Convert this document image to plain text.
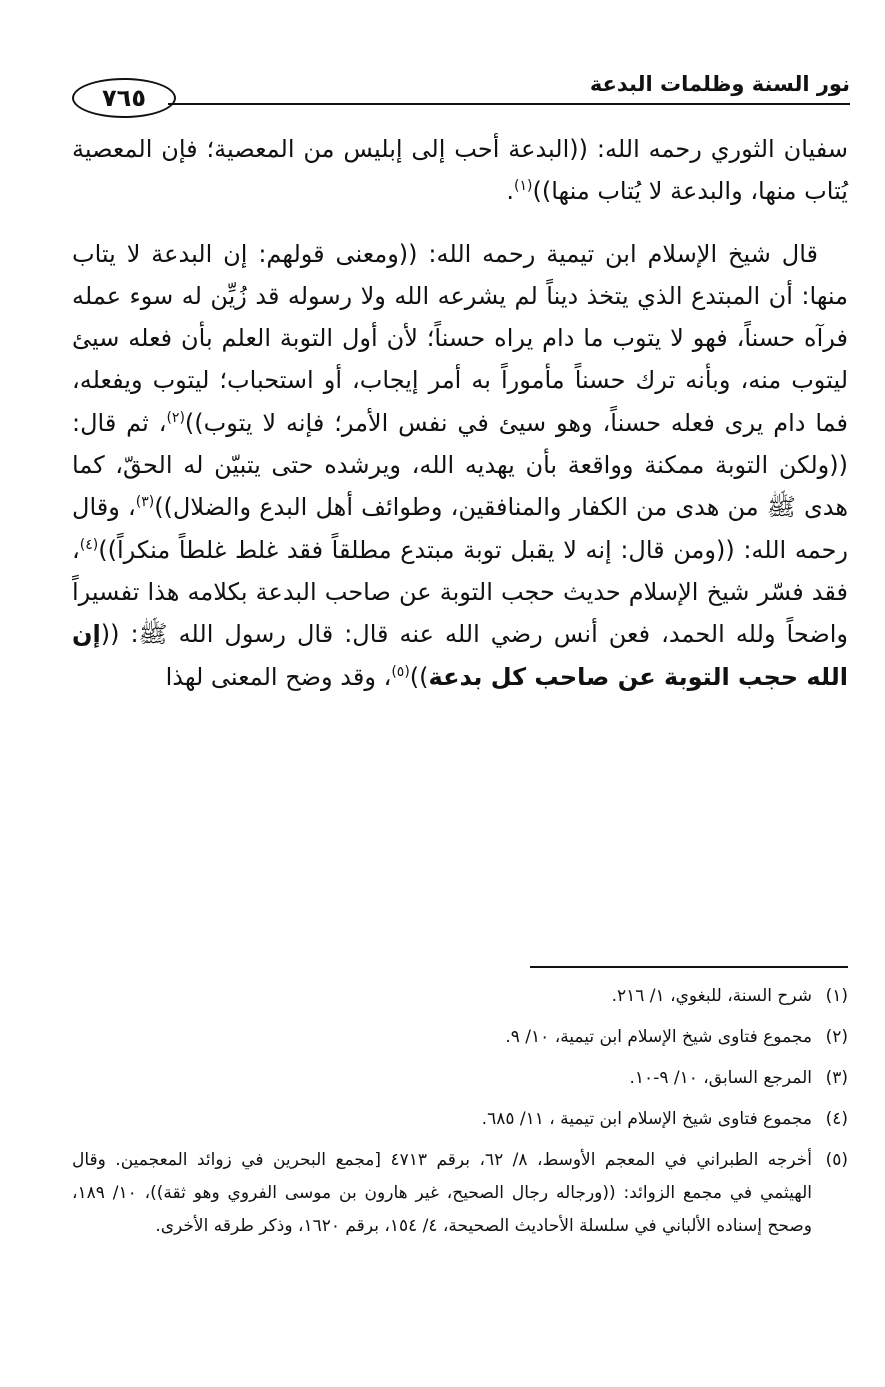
نور السنة وظلمات البدعة
٧٦٥

سفيان الثوري رحمه الله: ((البدعة أحب إلى إبليس من المعصية؛ فإن المعصية يُتاب منها، والبدعة لا يُتاب منها))$^{(١)}$.

قال شيخ الإسلام ابن تيمية رحمه الله: ((ومعنى قولهم: إن البدعة لا يتاب منها: أن المبتدع الذي يتخذ ديناً لم يشرعه الله ولا رسوله قد زُيِّن له سوء عمله فرآه حسناً، فهو لا يتوب ما دام يراه حسناً؛ لأن أول التوبة العلم بأن فعله سيئ ليتوب منه، وبأنه ترك حسناً مأموراً به أمر إيجاب، أو استحباب؛ ليتوب ويفعله، فما دام يرى فعله حسناً، وهو سيئ في نفس الأمر؛ فإنه لا يتوب))$^{(٢)}$، ثم قال: ((ولكن التوبة ممكنة وواقعة بأن يهديه الله، ويرشده حتى يتبيّن له الحقّ، كما هدى ﷺ من هدى من الكفار والمنافقين، وطوائف أهل البدع والضلال))$^{(٣)}$، وقال رحمه الله: ((ومن قال: إنه لا يقبل توبة مبتدع مطلقاً فقد غلط غلطاً منكراً))$^{(٤)}$، فقد فسّر شيخ الإسلام حديث حجب التوبة عن صاحب البدعة بكلامه هذا تفسيراً واضحاً ولله الحمد، فعن أنس رضي الله عنه قال: قال رسول الله ﷺ: ((إن الله حجب التوبة عن صاحب كل بدعة))$^{(٥)}$، وقد وضح المعنى لهذا

(١)
شرح السنة، للبغوي، ١/ ٢١٦.
(٢)
مجموع فتاوى شيخ الإسلام ابن تيمية، ١٠/ ٩.
(٣)
المرجع السابق، ١٠/ ٩-١٠.
(٤)
مجموع فتاوى شيخ الإسلام ابن تيمية ، ١١/ ٦٨٥.
(٥)
أخرجه الطبراني في المعجم الأوسط، ٨/ ٦٢، برقم ٤٧١٣ [مجمع البحرين في زوائد المعجمين. وقال الهيثمي في مجمع الزوائد: ((ورجاله رجال الصحيح، غير هارون بن موسى الفروي وهو ثقة))، ١٠/ ١٨٩، وصحح إسناده الألباني في سلسلة الأحاديث الصحيحة، ٤/ ١٥٤، برقم ١٦٢٠، وذكر طرقه الأخرى.
